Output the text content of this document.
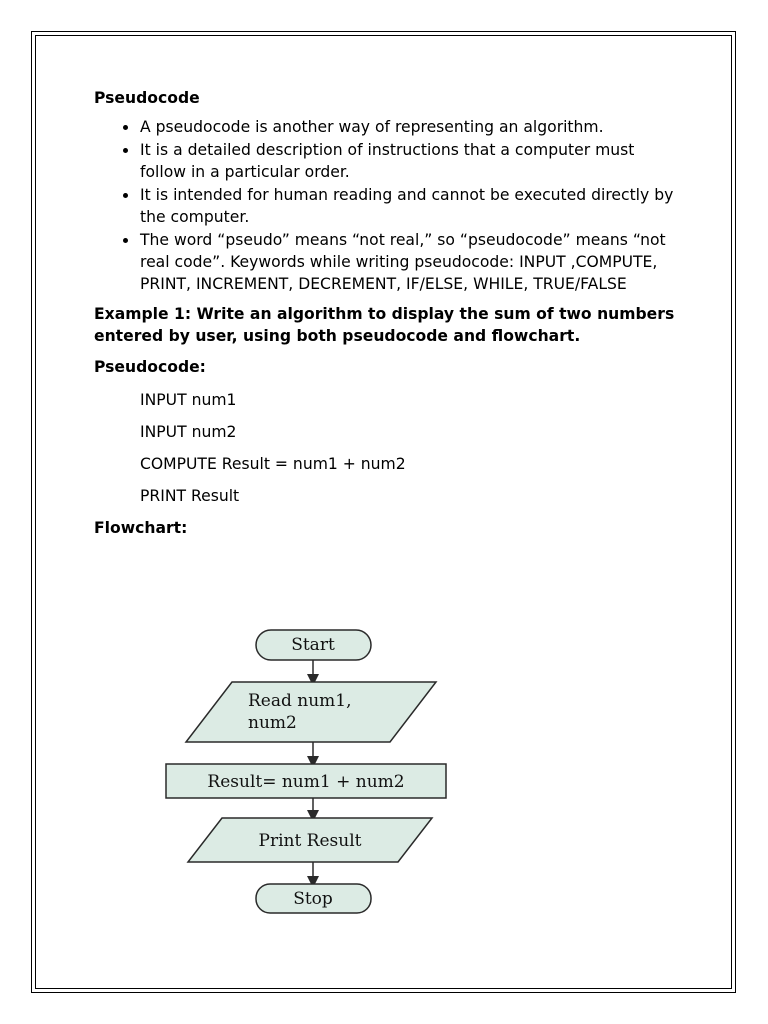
Pseudocode

• A pseudocode is another way of representing an algorithm.
• It is a detailed description of instructions that a computer must follow in a particular order.
• It is intended for human reading and cannot be executed directly by the computer.
• The word “pseudo” means “not real,” so “pseudocode” means “not real code”. Keywords while writing pseudocode: INPUT ,COMPUTE, PRINT, INCREMENT, DECREMENT, IF/ELSE, WHILE, TRUE/FALSE

Example 1: Write an algorithm to display the sum of two numbers entered by user, using both pseudocode and flowchart.

Pseudocode:

INPUT num1
INPUT num2
COMPUTE Result = num1 + num2
PRINT Result

Flowchart:

Start
Read num1,
num2
Result= num1 + num2
Print Result
Stop
